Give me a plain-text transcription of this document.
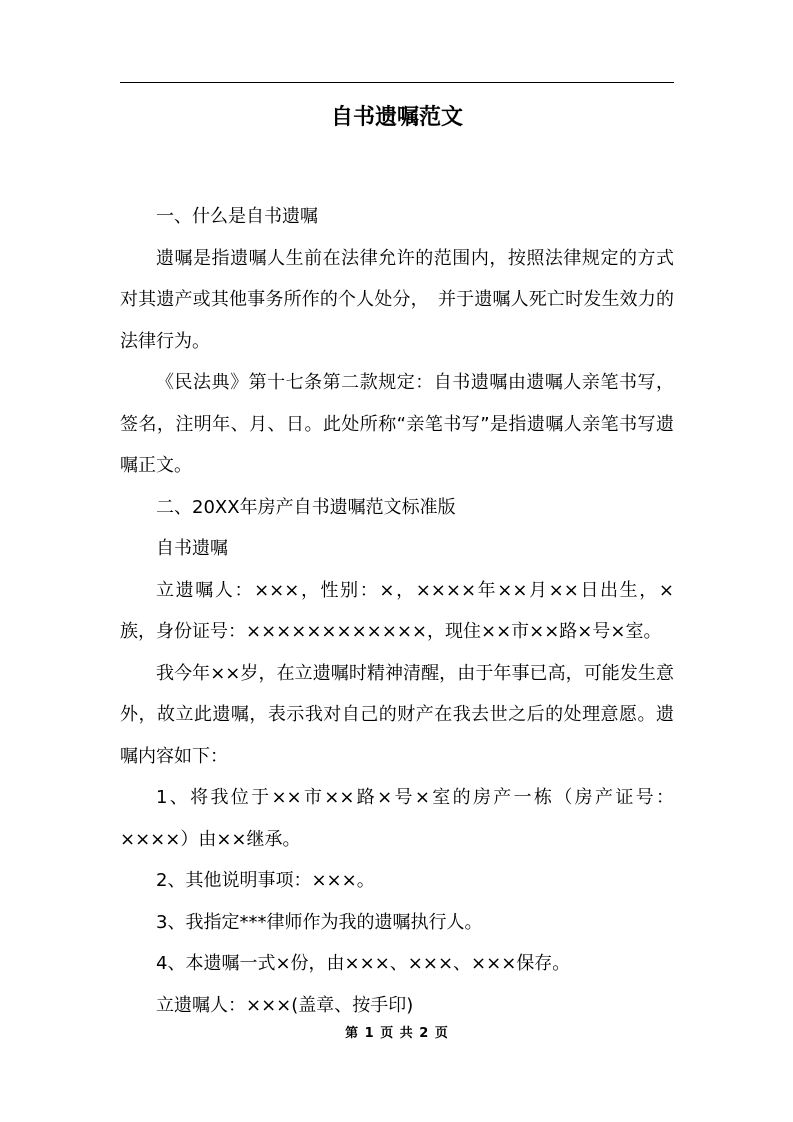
自书遗嘱范文

一、什么是自书遗嘱

遗嘱是指遗嘱人生前在法律允许的范围内，按照法律规定的方式对其遗产或其他事务所作的个人处分，　并于遗嘱人死亡时发生效力的法律行为。

《民法典》第十七条第二款规定：自书遗嘱由遗嘱人亲笔书写，签名，注明年、月、日。此处所称“亲笔书写”是指遗嘱人亲笔书写遗嘱正文。

二、20XX年房产自书遗嘱范文标准版

自书遗嘱

立遗嘱人：×××，性别：×，××××年××月××日出生，×族，身份证号：××××××××××××，现住××市××路×号×室。

我今年××岁，在立遗嘱时精神清醒，由于年事已高，可能发生意外，故立此遗嘱，表示我对自己的财产在我去世之后的处理意愿。遗嘱内容如下：

1、将我位于××市××路×号×室的房产一栋（房产证号：××××）由××继承。

2、其他说明事项：×××。

3、我指定***律师作为我的遗嘱执行人。

4、本遗嘱一式×份，由×××、×××、×××保存。

立遗嘱人：×××(盖章、按手印)

第 1 页 共 2 页
